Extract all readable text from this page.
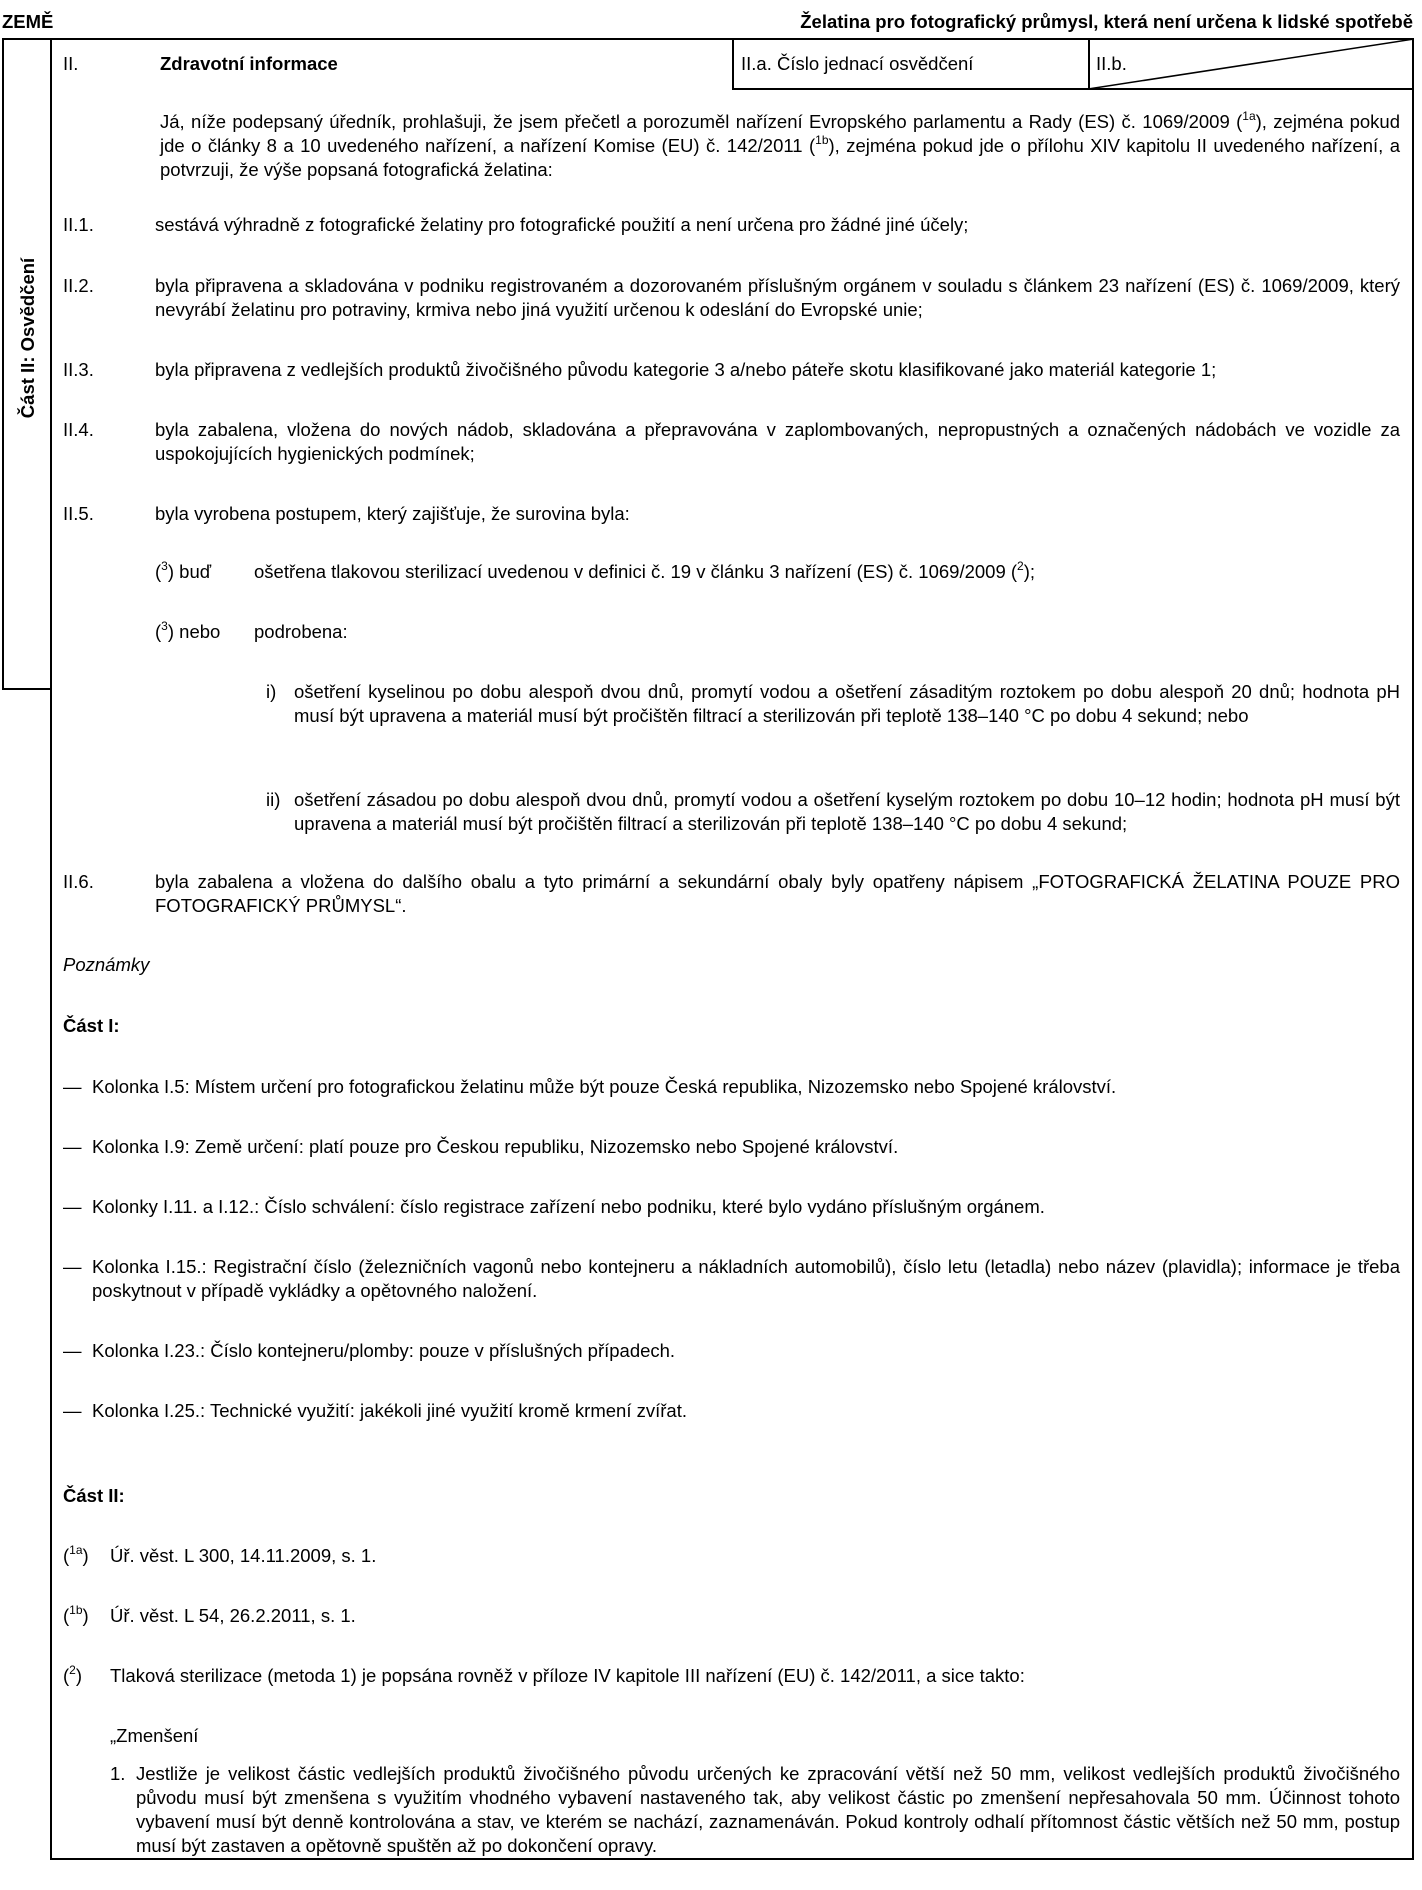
ZEMĚ	Želatina pro fotografický průmysl, která není určena k lidské spotřebě
Část II: Osvědčení
II.	Zdravotní informace	II.a. Číslo jednací osvědčení	II.b.
Já, níže podepsaný úředník, prohlašuji, že jsem přečetl a porozuměl nařízení Evropského parlamentu a Rady (ES) č. 1069/2009 ($^{1a}$), zejména pokud jde o články 8 a 10 uvedeného nařízení, a nařízení Komise (EU) č. 142/2011 ($^{1b}$), zejména pokud jde o přílohu XIV kapitolu II uvedeného nařízení, a potvrzuji, že výše popsaná fotografická želatina:
II.1.	sestává výhradně z fotografické želatiny pro fotografické použití a není určena pro žádné jiné účely;
II.2.	byla připravena a skladována v podniku registrovaném a dozorovaném příslušným orgánem v souladu s článkem 23 nařízení (ES) č. 1069/2009, který nevyrábí želatinu pro potraviny, krmiva nebo jiná využití určenou k odeslání do Evropské unie;
II.3.	byla připravena z vedlejších produktů živočišného původu kategorie 3 a/nebo páteře skotu klasifikované jako materiál kategorie 1;
II.4.	byla zabalena, vložena do nových nádob, skladována a přepravována v zaplombovaných, nepropustných a označených nádobách ve vozidle za uspokojujících hygienických podmínek;
II.5.	byla vyrobena postupem, který zajišťuje, že surovina byla:
($^3$) buď ošetřena tlakovou sterilizací uvedenou v definici č. 19 v článku 3 nařízení (ES) č. 1069/2009 ($^2$);
($^3$) nebo podrobena:
i) ošetření kyselinou po dobu alespoň dvou dnů, promytí vodou a ošetření zásaditým roztokem po dobu alespoň 20 dnů; hodnota pH musí být upravena a materiál musí být pročištěn filtrací a sterilizován při teplotě 138–140 °C po dobu 4 sekund; nebo
ii) ošetření zásadou po dobu alespoň dvou dnů, promytí vodou a ošetření kyselým roztokem po dobu 10–12 hodin; hodnota pH musí být upravena a materiál musí být pročištěn filtrací a sterilizován při teplotě 138–140 °C po dobu 4 sekund;
II.6.	byla zabalena a vložena do dalšího obalu a tyto primární a sekundární obaly byly opatřeny nápisem „FOTOGRAFICKÁ ŽELATINA POUZE PRO FOTOGRAFICKÝ PRŮMYSL“.
Poznámky
Část I:
— Kolonka I.5: Místem určení pro fotografickou želatinu může být pouze Česká republika, Nizozemsko nebo Spojené království.
— Kolonka I.9: Země určení: platí pouze pro Českou republiku, Nizozemsko nebo Spojené království.
— Kolonky I.11. a I.12.: Číslo schválení: číslo registrace zařízení nebo podniku, které bylo vydáno příslušným orgánem.
— Kolonka I.15.: Registrační číslo (železničních vagonů nebo kontejneru a nákladních automobilů), číslo letu (letadla) nebo název (plavidla); informace je třeba poskytnout v případě vykládky a opětovného naložení.
— Kolonka I.23.: Číslo kontejneru/plomby: pouze v příslušných případech.
— Kolonka I.25.: Technické využití: jakékoli jiné využití kromě krmení zvířat.
Část II:
($^{1a}$) Úř. věst. L 300, 14.11.2009, s. 1.
($^{1b}$) Úř. věst. L 54, 26.2.2011, s. 1.
($^2$) Tlaková sterilizace (metoda 1) je popsána rovněž v příloze IV kapitole III nařízení (EU) č. 142/2011, a sice takto:
„Zmenšení
1. Jestliže je velikost částic vedlejších produktů živočišného původu určených ke zpracování větší než 50 mm, velikost vedlejších produktů živočišného původu musí být zmenšena s využitím vhodného vybavení nastaveného tak, aby velikost částic po zmenšení nepřesahovala 50 mm. Účinnost tohoto vybavení musí být denně kontrolována a stav, ve kterém se nachází, zaznamenáván. Pokud kontroly odhalí přítomnost částic větších než 50 mm, postup musí být zastaven a opětovně spuštěn až po dokončení opravy.
